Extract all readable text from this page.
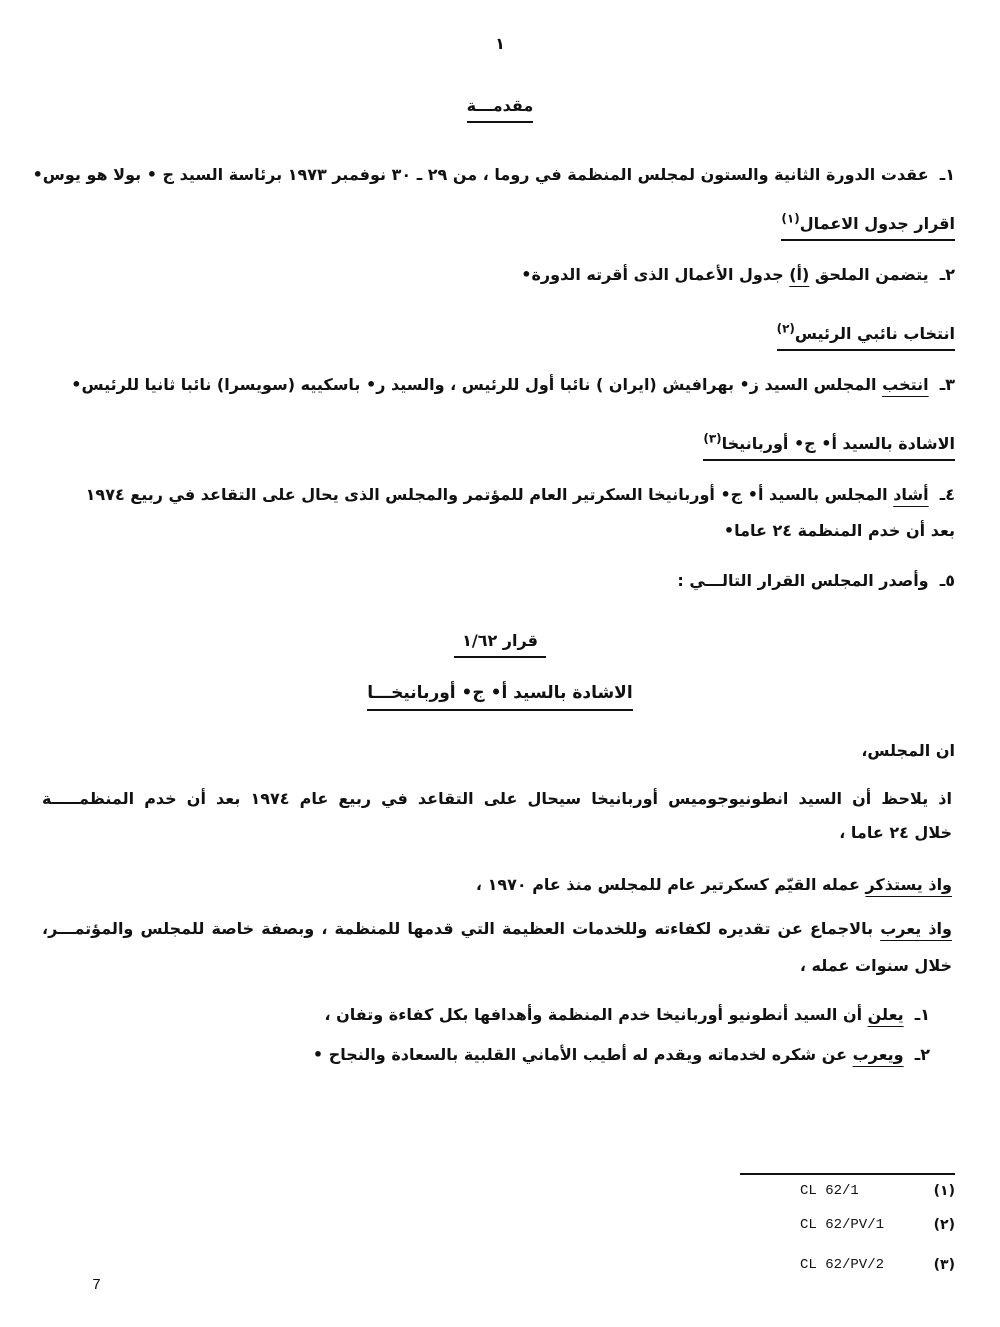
١
مقدمـــة
١ـ  عقدت الدورة الثانية والستون لمجلس المنظمة في روما ، من ٢٩ ـ ٣٠ نوفمبر ١٩٧٣ برئاسة السيد ج • بولا هو يوس•
اقرار جدول الاعمال$^{(١)}$
٢ـ  يتضمن الملحق (أ) جدول الأعمال الذى أقرته الدورة•
انتخاب نائبي الرئيس$^{(٢)}$
٣ـ  انتخب المجلس السيد ز• بهرافيش (ايران ) نائبا أول للرئيس ، والسيد ر• باسكييه (سويسرا) نائبا ثانيا للرئيس•
الاشادة بالسيد أ• ج• أوربانيخا$^{(٣)}$
٤ـ  أشاد المجلس بالسيد أ• ج• أوربانيخا السكرتير العام للمؤتمر والمجلس الذى يحال على التقاعد في ربيع ١٩٧٤
بعد أن خدم المنظمة ٢٤ عاما•
٥ـ  وأصدر المجلس القرار التالـــي :
قرار ١/٦٢
الاشادة بالسيد أ• ج• أوربانيخـــا
ان المجلس،
اذ يلاحظ أن السيد انطونيوجوميس أوربانيخا سيحال على التقاعد في ربيع عام ١٩٧٤ بعد أن خدم المنظمـــــة
خلال ٢٤ عاما ،
واذ يستذكر عمله القيّم كسكرتير عام للمجلس منذ عام ١٩٧٠ ،
واذ يعرب بالاجماع عن تقديره لكفاءته وللخدمات العظيمة التي قدمها للمنظمة ، وبصفة خاصة للمجلس والمؤتمـــر،
خلال سنوات عمله ،
١ـ  يعلن أن السيد أنطونيو أوربانيخا خدم المنظمة وأهدافها بكل كفاءة وتفان ،
٢ـ  ويعرب عن شكره لخدماته ويقدم له أطيب الأماني القلبية بالسعادة والنجاح •
CL 62/1	(١)
CL 62/PV/1	(٢)
CL 62/PV/2	(٣)
7
